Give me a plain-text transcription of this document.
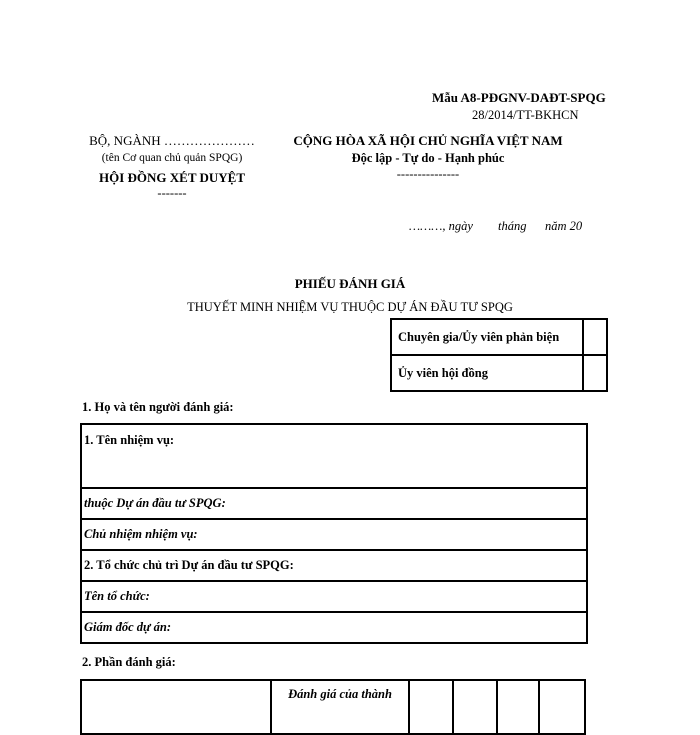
Mẫu A8-PĐGNV-DAĐT-SPQG
28/2014/TT-BKHCN
BỘ, NGÀNH …………………
(tên Cơ quan chủ quản SPQG)
HỘI ĐỒNG XÉT DUYỆT
-------
CỘNG HÒA XÃ HỘI CHỦ NGHĨA VIỆT NAM
Độc lập - Tự do - Hạnh phúc
---------------
………, ngày tháng năm 20
PHIẾU ĐÁNH GIÁ
THUYẾT MINH NHIỆM VỤ THUỘC DỰ ÁN ĐẦU TƯ SPQG
Chuyên gia/Ủy viên phản biện	
Ủy viên hội đồng	
1. Họ và tên người đánh giá:
1. Tên nhiệm vụ:
thuộc Dự án đầu tư SPQG:
Chủ nhiệm nhiệm vụ:
2. Tổ chức chủ trì Dự án đầu tư SPQG:
Tên tổ chức:
Giám đốc dự án:
2. Phần đánh giá:
	Đánh giá của thành				
